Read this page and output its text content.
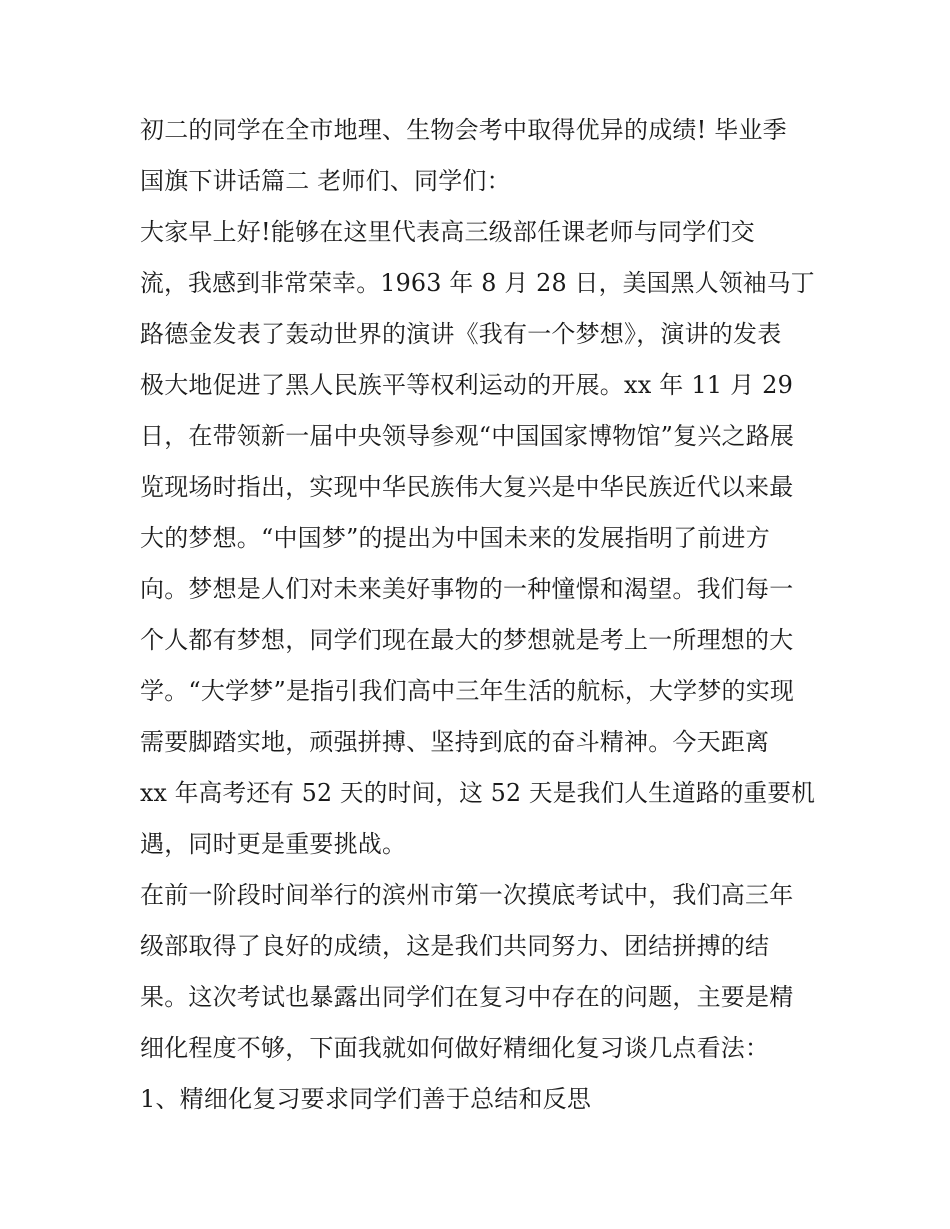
初二的同学在全市地理、生物会考中取得优异的成绩! 毕业季
国旗下讲话篇二 老师们、同学们：
大家早上好!能够在这里代表高三级部任课老师与同学们交
流，我感到非常荣幸。1963 年 8 月 28 日，美国黑人领袖马丁
路德金发表了轰动世界的演讲《我有一个梦想》，演讲的发表
极大地促进了黑人民族平等权利运动的开展。xx 年 11 月 29
日，在带领新一届中央领导参观“中国国家博物馆”复兴之路展
览现场时指出，实现中华民族伟大复兴是中华民族近代以来最
大的梦想。“中国梦”的提出为中国未来的发展指明了前进方
向。梦想是人们对未来美好事物的一种憧憬和渴望。我们每一
个人都有梦想，同学们现在最大的梦想就是考上一所理想的大
学。“大学梦”是指引我们高中三年生活的航标，大学梦的实现
需要脚踏实地，顽强拼搏、坚持到底的奋斗精神。今天距离
xx 年高考还有 52 天的时间，这 52 天是我们人生道路的重要机
遇，同时更是重要挑战。
在前一阶段时间举行的滨州市第一次摸底考试中，我们高三年
级部取得了良好的成绩，这是我们共同努力、团结拼搏的结
果。这次考试也暴露出同学们在复习中存在的问题，主要是精
细化程度不够，下面我就如何做好精细化复习谈几点看法：
1、精细化复习要求同学们善于总结和反思
